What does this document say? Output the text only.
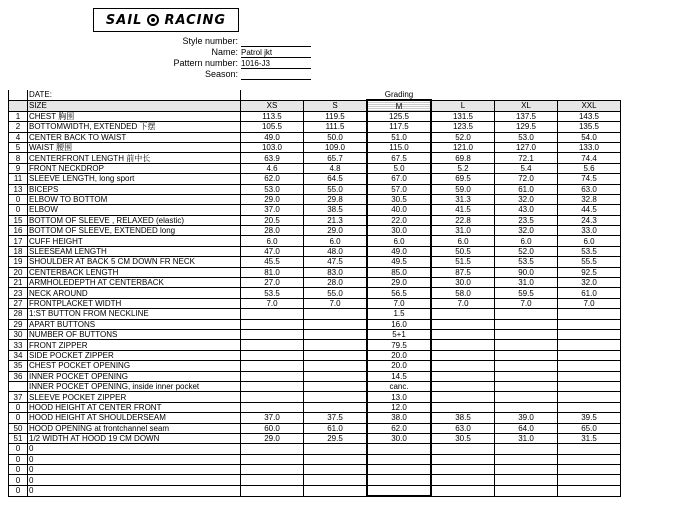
SAIL RACING
Style number:
Name: Patrol jkt
Pattern number: 1016-J3
Season:
	DATE:			Grading			
	SIZE	XS	S	M	L	XL	XXL
1	CHEST 胸围	113.5	119.5	125.5	131.5	137.5	143.5
2	BOTTOMWIDTH, EXTENDED 下摆	105.5	111.5	117.5	123.5	129.5	135.5
4	CENTER BACK TO WAIST	49.0	50.0	51.0	52.0	53.0	54.0
5	WAIST 腰围	103.0	109.0	115.0	121.0	127.0	133.0
8	CENTERFRONT LENGTH 前中长	63.9	65.7	67.5	69.8	72.1	74.4
9	FRONT NECKDROP	4.6	4.8	5.0	5.2	5.4	5.6
11	SLEEVE LENGTH, long sport	62.0	64.5	67.0	69.5	72.0	74.5
13	BICEPS	53.0	55.0	57.0	59.0	61.0	63.0
0	ELBOW TO BOTTOM	29.0	29.8	30.5	31.3	32.0	32.8
0	ELBOW	37.0	38.5	40.0	41.5	43.0	44.5
15	BOTTOM OF SLEEVE , RELAXED (elastic)	20.5	21.3	22.0	22.8	23.5	24.3
16	BOTTOM OF SLEEVE, EXTENDED long	28.0	29.0	30.0	31.0	32.0	33.0
17	CUFF HEIGHT	6.0	6.0	6.0	6.0	6.0	6.0
18	SLEESEAM LENGTH	47.0	48.0	49.0	50.5	52.0	53.5
19	SHOULDER AT BACK 5 CM DOWN FR NECK	45.5	47.5	49.5	51.5	53.5	55.5
20	CENTERBACK LENGTH	81.0	83.0	85.0	87.5	90.0	92.5
21	ARMHOLEDEPTH AT CENTERBACK	27.0	28.0	29.0	30.0	31.0	32.0
23	NECK AROUND	53.5	55.0	56.5	58.0	59.5	61.0
27	FRONTPLACKET WIDTH	7.0	7.0	7.0	7.0	7.0	7.0
28	1:ST BUTTON FROM NECKLINE			1.5			
29	APART BUTTONS			16.0			
30	NUMBER OF BUTTONS			5+1			
33	FRONT ZIPPER			79.5			
34	SIDE POCKET ZIPPER			20.0			
35	CHEST POCKET OPENING			20.0			
36	INNER POCKET OPENING			14.5			
	INNER POCKET OPENING, inside inner pocket			canc.			
37	SLEEVE POCKET ZIPPER			13.0			
0	HOOD HEIGHT AT CENTER FRONT			12.0			
0	HOOD HEIGHT AT SHOULDERSEAM	37.0	37.5	38.0	38.5	39.0	39.5
50	HOOD OPENING at frontchannel seam	60.0	61.0	62.0	63.0	64.0	65.0
51	1/2 WIDTH AT HOOD 19 CM DOWN	29.0	29.5	30.0	30.5	31.0	31.5
0	0						
0	0						
0	0						
0	0						
0	0						
